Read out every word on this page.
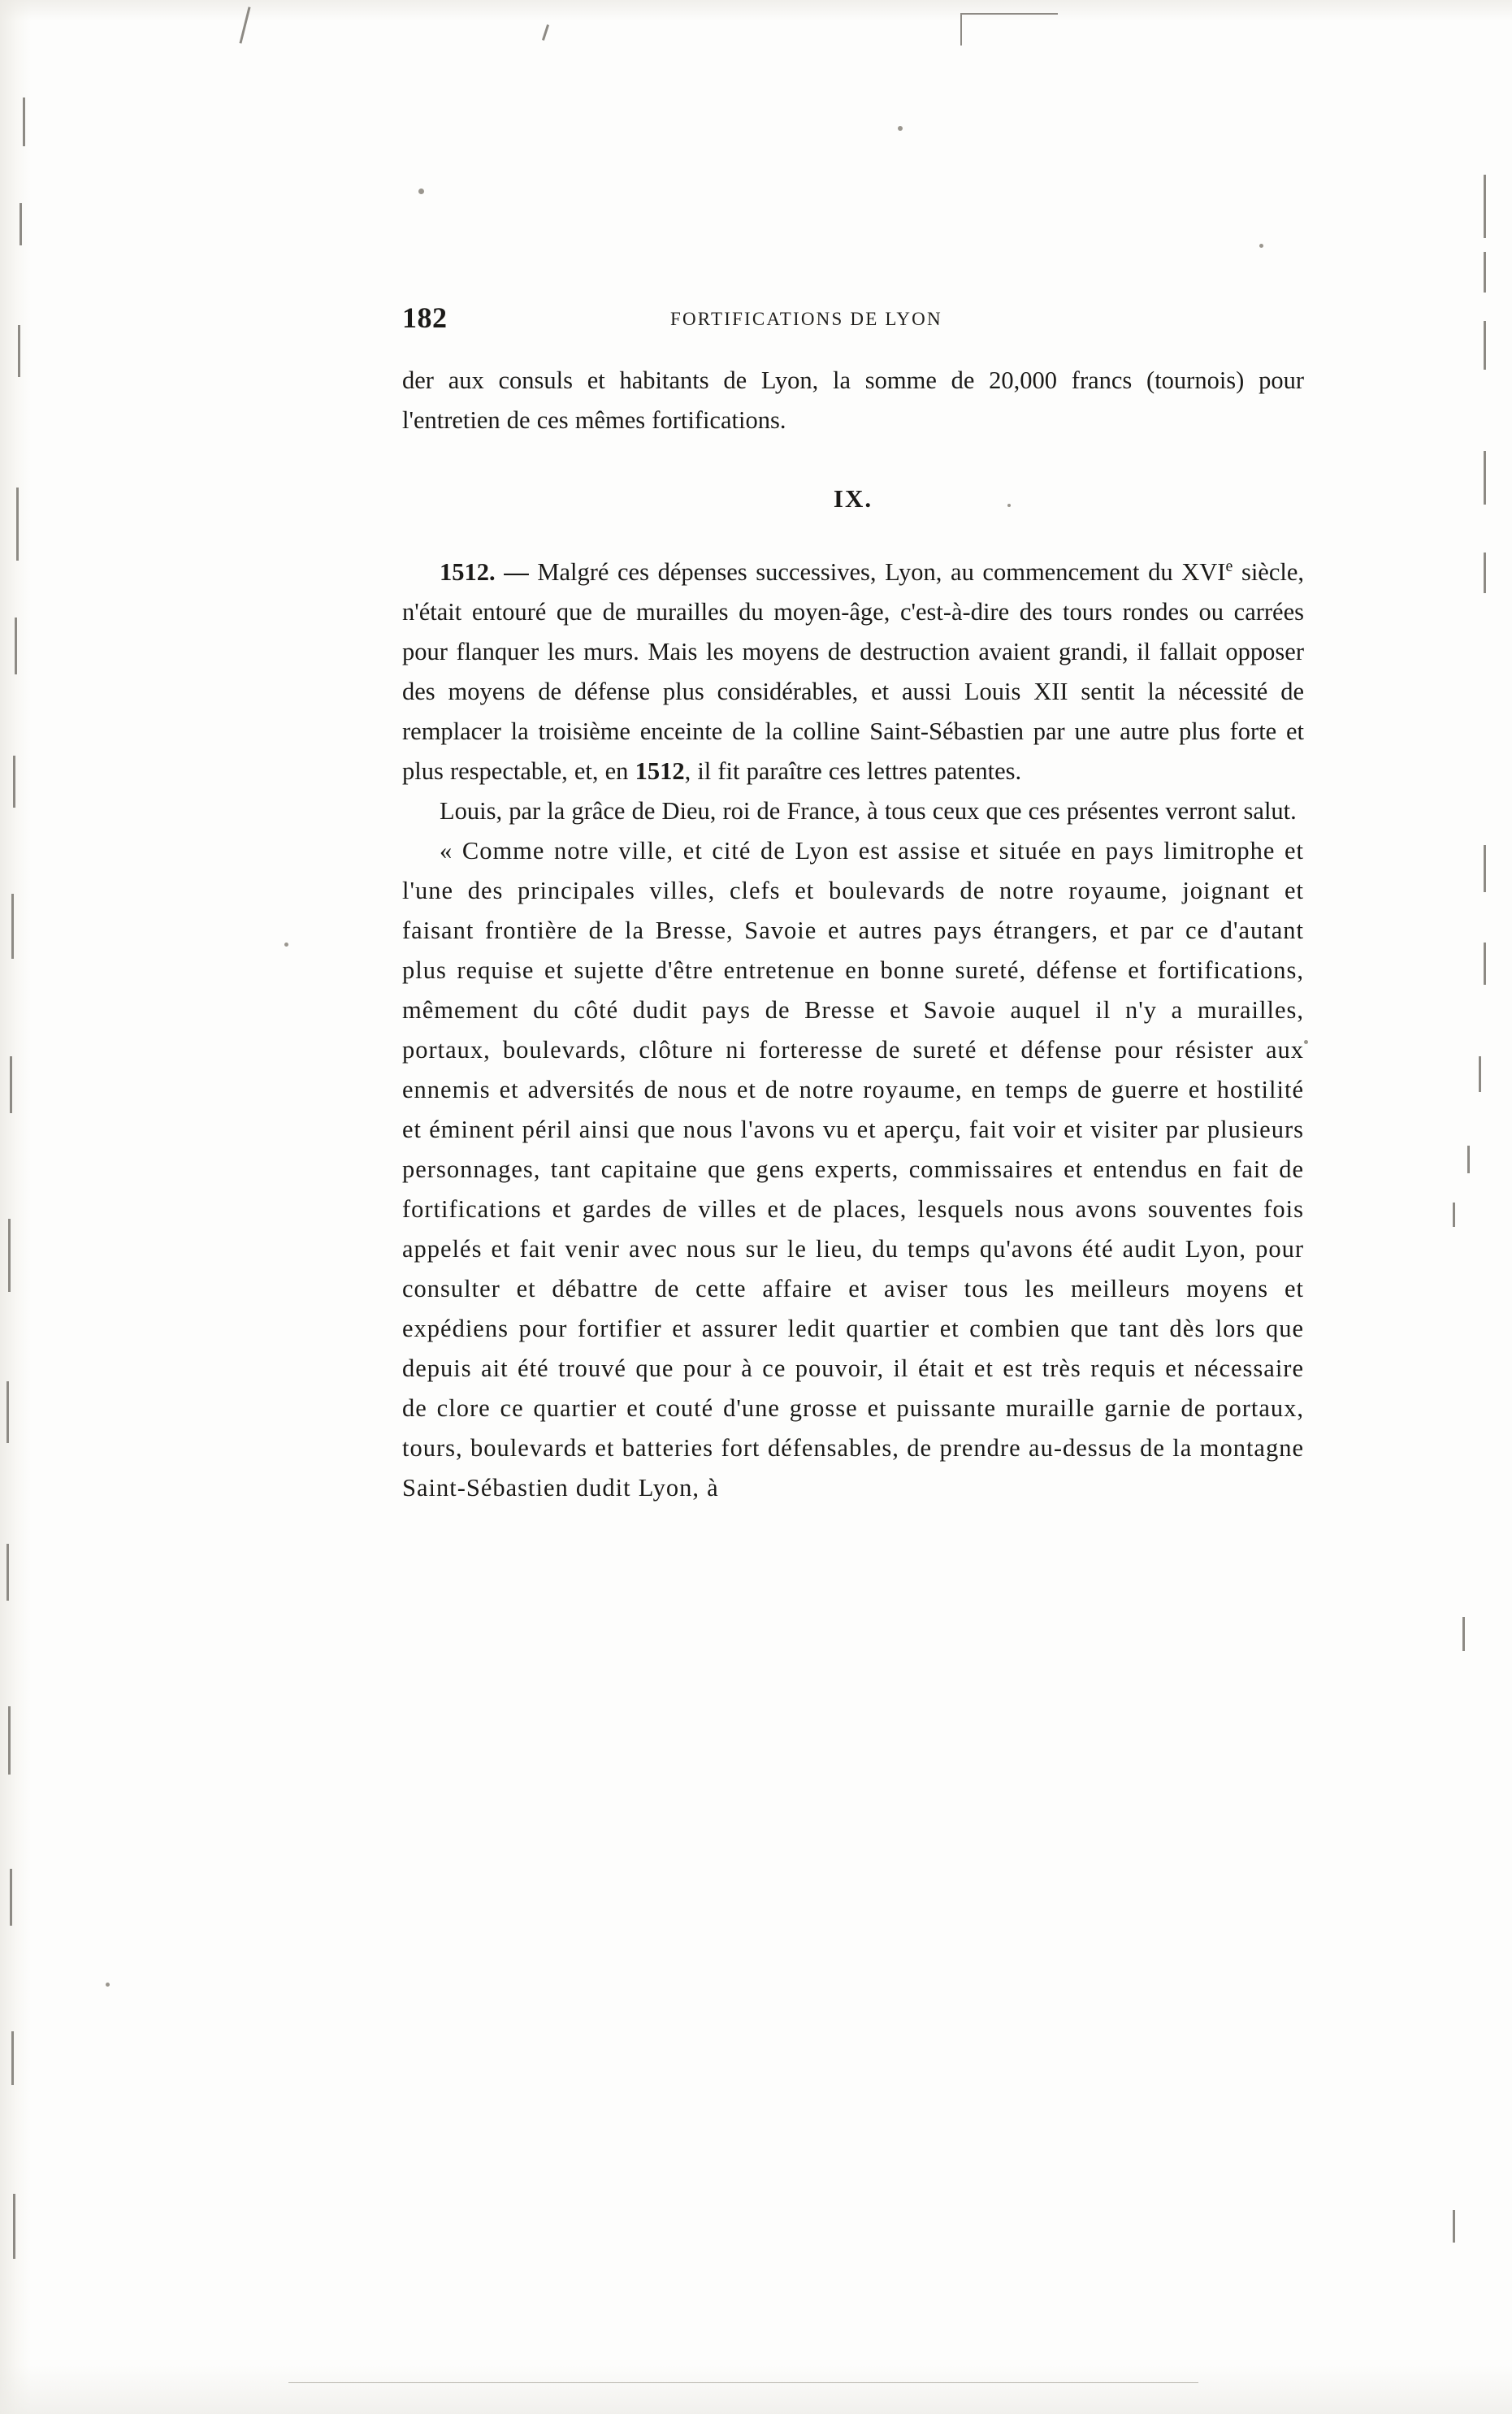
182	FORTIFICATIONS DE LYON

der aux consuls et habitants de Lyon, la somme de 20,000 francs (tournois) pour l'entretien de ces mêmes fortifications.

IX.

1512. — Malgré ces dépenses successives, Lyon, au commencement du XVIe siècle, n'était entouré que de murailles du moyen-âge, c'est-à-dire des tours rondes ou carrées pour flanquer les murs. Mais les moyens de destruction avaient grandi, il fallait opposer des moyens de défense plus considérables, et aussi Louis XII sentit la nécessité de remplacer la troisième enceinte de la colline Saint-Sébastien par une autre plus forte et plus respectable, et, en 1512, il fit paraître ces lettres patentes.

Louis, par la grâce de Dieu, roi de France, à tous ceux que ces présentes verront salut.

« Comme notre ville, et cité de Lyon est assise et située en pays limitrophe et l'une des principales villes, clefs et boulevards de notre royaume, joignant et faisant frontière de la Bresse, Savoie et autres pays étrangers, et par ce d'autant plus requise et sujette d'être entretenue en bonne sureté, défense et fortifications, mêmement du côté dudit pays de Bresse et Savoie auquel il n'y a murailles, portaux, boulevards, clôture ni forteresse de sureté et défense pour résister aux ennemis et adversités de nous et de notre royaume, en temps de guerre et hostilité et éminent péril ainsi que nous l'avons vu et aperçu, fait voir et visiter par plusieurs personnages, tant capitaine que gens experts, commissaires et entendus en fait de fortifications et gardes de villes et de places, lesquels nous avons souventes fois appelés et fait venir avec nous sur le lieu, du temps qu'avons été audit Lyon, pour consulter et débattre de cette affaire et aviser tous les meilleurs moyens et expédiens pour fortifier et assurer ledit quartier et combien que tant dès lors que depuis ait été trouvé que pour à ce pouvoir, il était et est très requis et nécessaire de clore ce quartier et couté d'une grosse et puissante muraille garnie de portaux, tours, boulevards et batteries fort défensables, de prendre au-dessus de la montagne Saint-Sébastien dudit Lyon, à
